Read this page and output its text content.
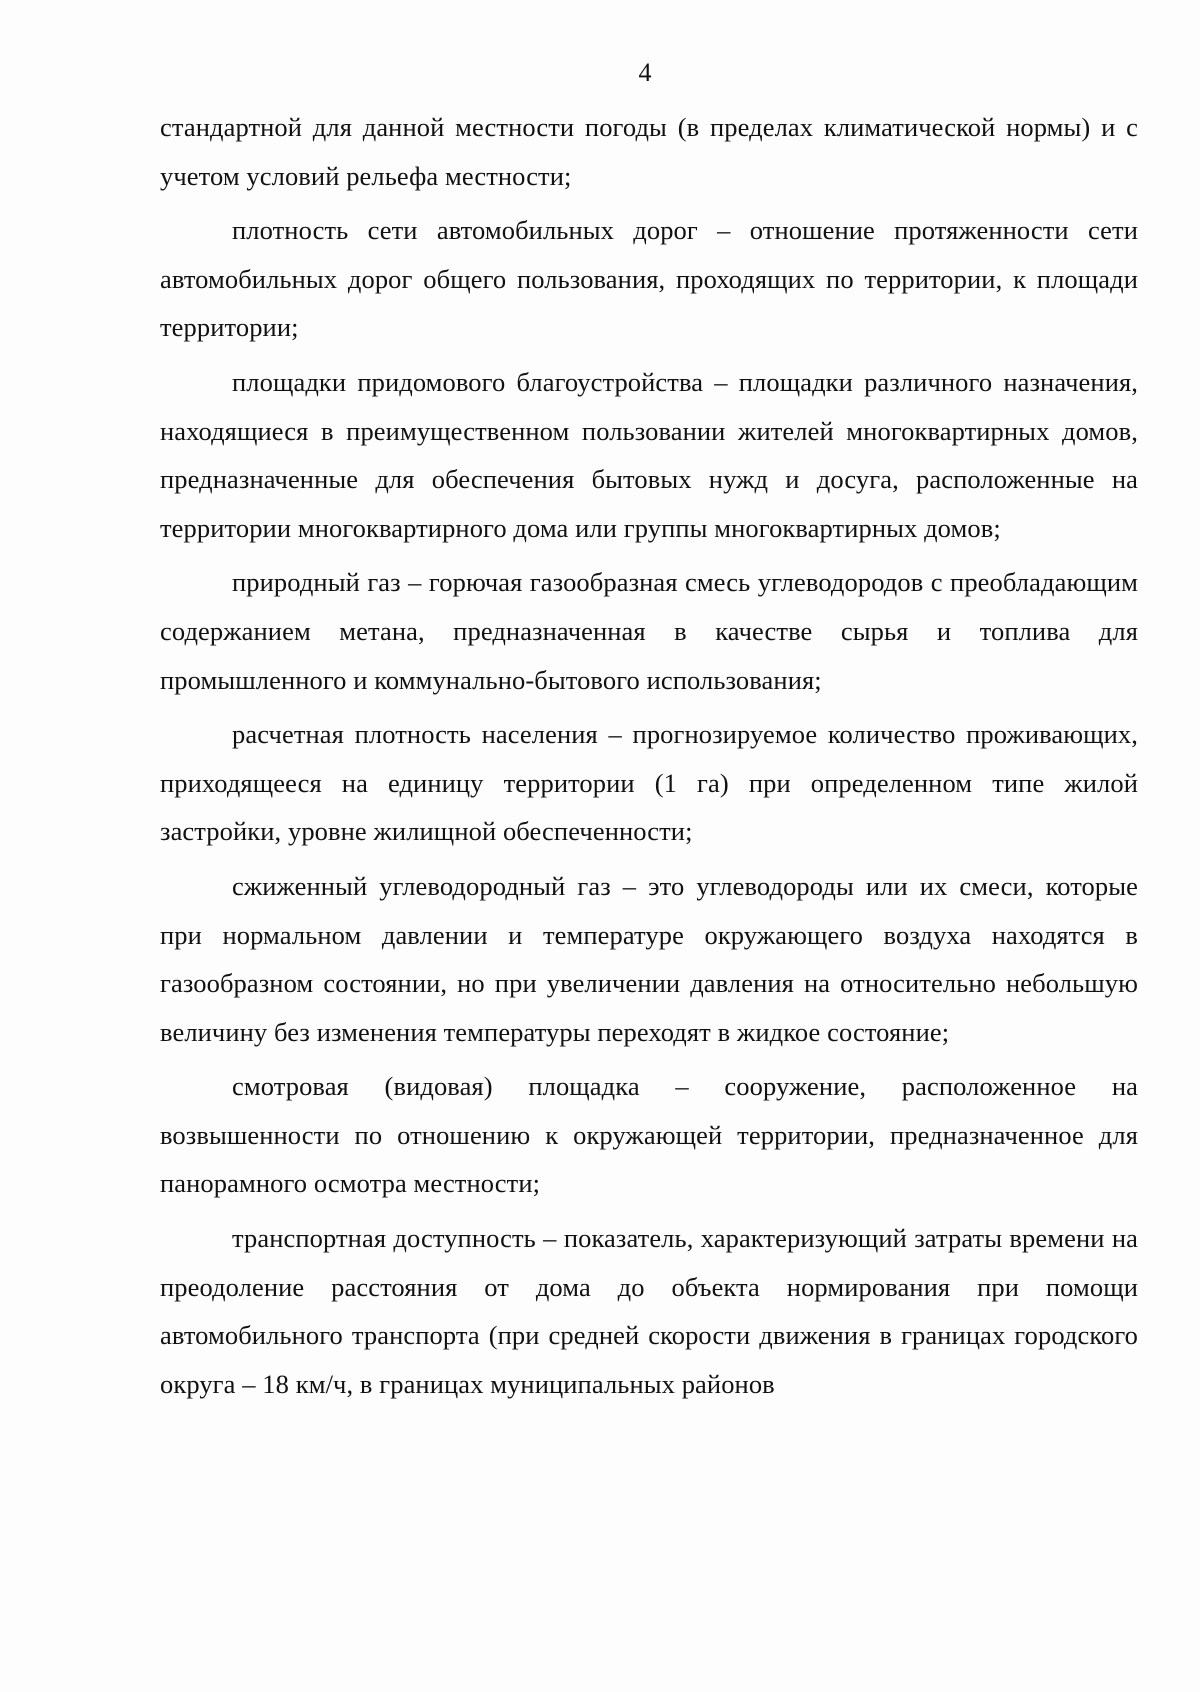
4

стандартной для данной местности погоды (в пределах климатической нормы) и с учетом условий рельефа местности;

плотность сети автомобильных дорог – отношение протяженности сети автомобильных дорог общего пользования, проходящих по территории, к площади территории;

площадки придомового благоустройства – площадки различного назначения, находящиеся в преимущественном пользовании жителей многоквартирных домов, предназначенные для обеспечения бытовых нужд и досуга, расположенные на территории многоквартирного дома или группы многоквартирных домов;

природный газ – горючая газообразная смесь углеводородов с преобладающим содержанием метана, предназначенная в качестве сырья и топлива для промышленного и коммунально-бытового использования;

расчетная плотность населения – прогнозируемое количество проживающих, приходящееся на единицу территории (1 га) при определенном типе жилой застройки, уровне жилищной обеспеченности;

сжиженный углеводородный газ – это углеводороды или их смеси, которые при нормальном давлении и температуре окружающего воздуха находятся в газообразном состоянии, но при увеличении давления на относительно небольшую величину без изменения температуры переходят в жидкое состояние;

смотровая (видовая) площадка – сооружение, расположенное на возвышенности по отношению к окружающей территории, предназначенное для панорамного осмотра местности;

транспортная доступность – показатель, характеризующий затраты времени на преодоление расстояния от дома до объекта нормирования при помощи автомобильного транспорта (при средней скорости движения в границах городского округа – 18 км/ч, в границах муниципальных районов
